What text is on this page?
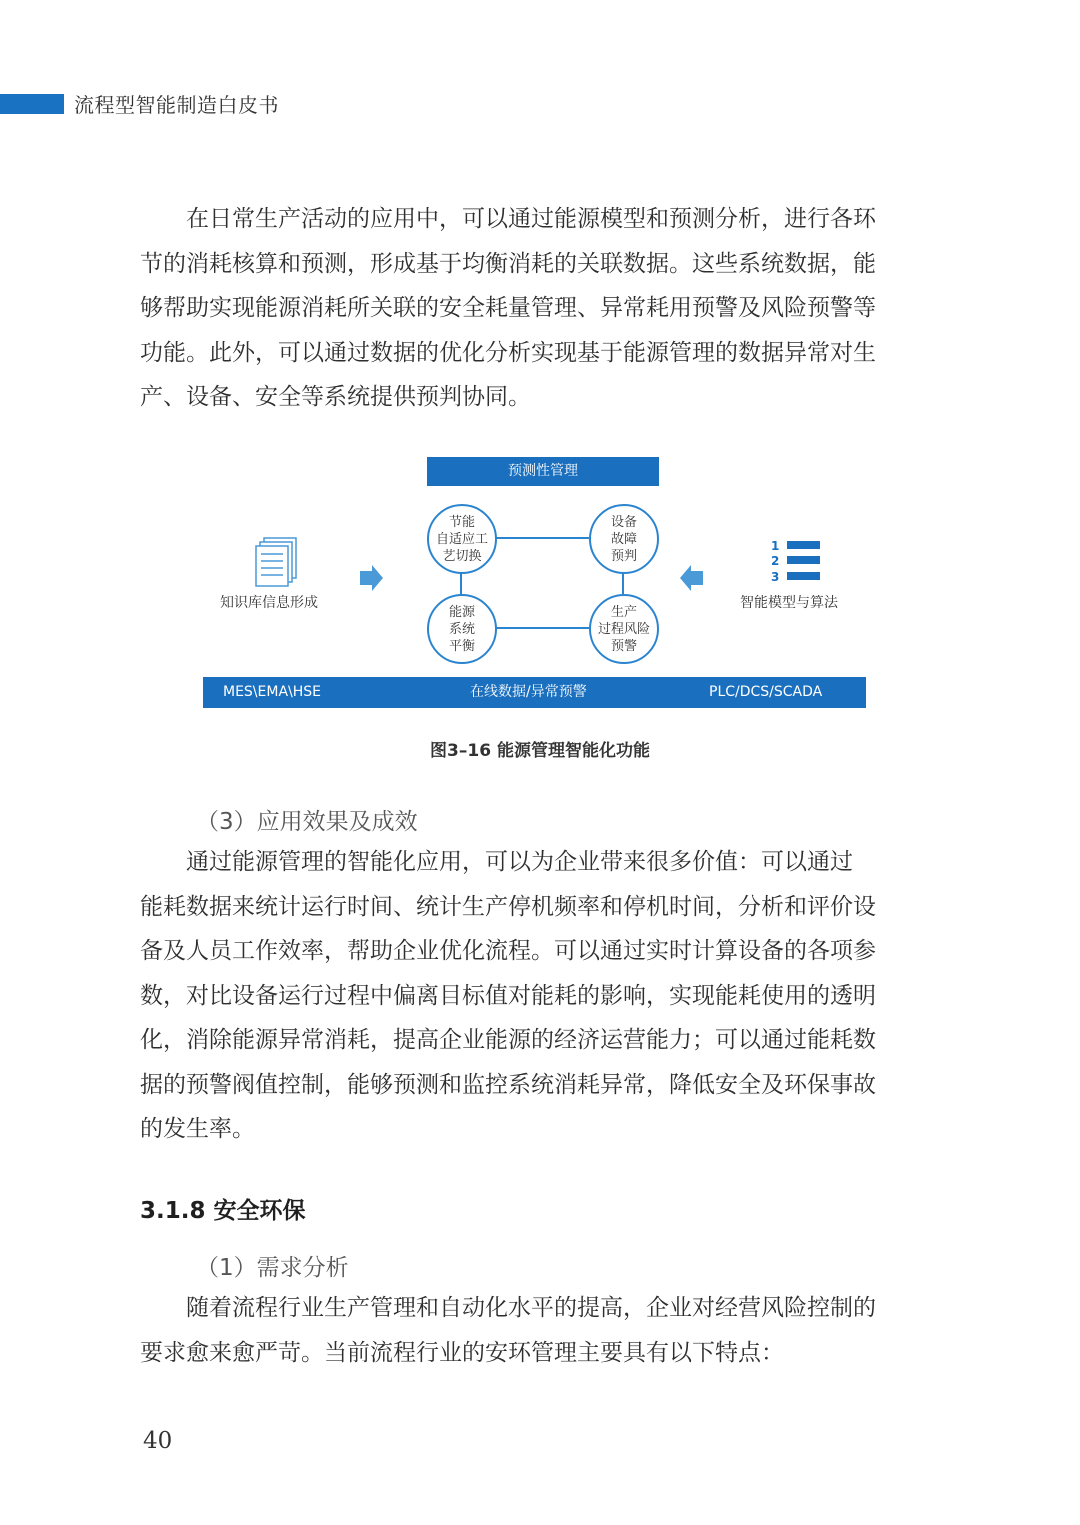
流程型智能制造白皮书
在日常生产活动的应用中，可以通过能源模型和预测分析，进行各环
节的消耗核算和预测，形成基于均衡消耗的关联数据。这些系统数据，能
够帮助实现能源消耗所关联的安全耗量管理、异常耗用预警及风险预警等
功能。此外，可以通过数据的优化分析实现基于能源管理的数据异常对生
产、设备、安全等系统提供预判协同。
1
2
3
预测性管理
节能
自适应工
艺切换
设备
故障
预判
能源
系统
平衡
生产
过程风险
预警
知识库信息形成	智能模型与算法
MES\EMA\HSE	在线数据/异常预警	PLC/DCS/SCADA
图3–16 能源管理智能化功能
（3）应用效果及成效
通过能源管理的智能化应用，可以为企业带来很多价值：可以通过
能耗数据来统计运行时间、统计生产停机频率和停机时间，分析和评价设
备及人员工作效率，帮助企业优化流程。可以通过实时计算设备的各项参
数，对比设备运行过程中偏离目标值对能耗的影响，实现能耗使用的透明
化，消除能源异常消耗，提高企业能源的经济运营能力；可以通过能耗数
据的预警阀值控制，能够预测和监控系统消耗异常，降低安全及环保事故
的发生率。
3.1.8 安全环保
（1）需求分析
随着流程行业生产管理和自动化水平的提高，企业对经营风险控制的
要求愈来愈严苛。当前流程行业的安环管理主要具有以下特点：
40
